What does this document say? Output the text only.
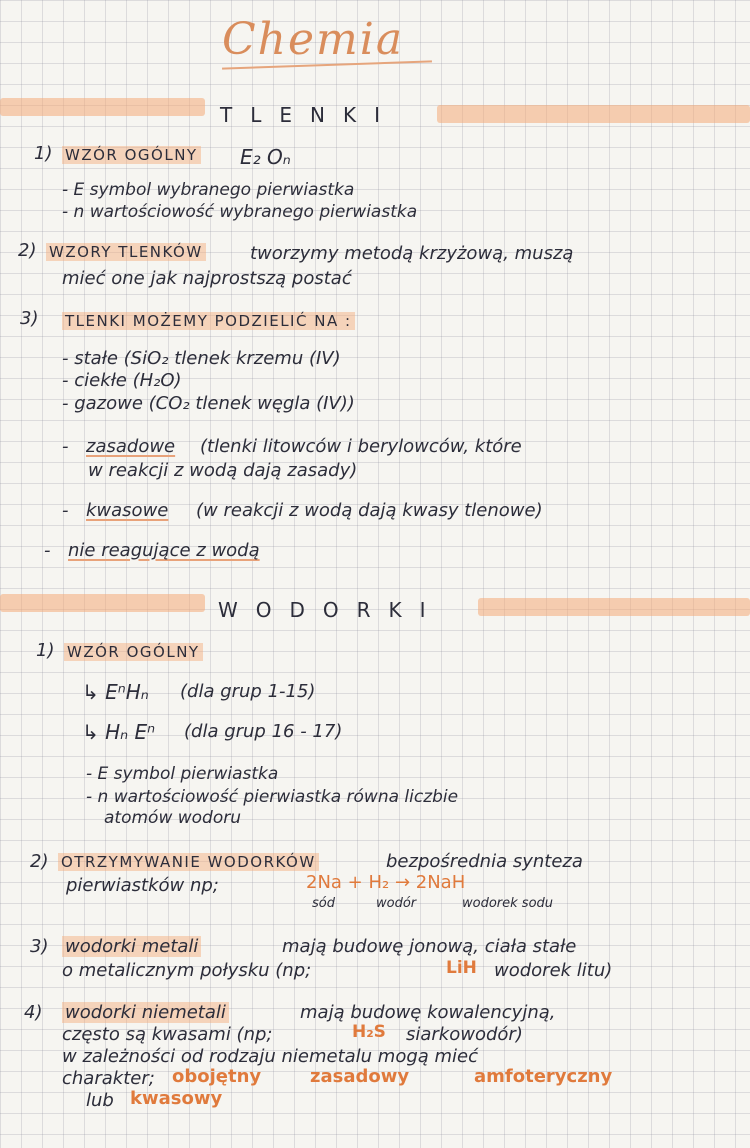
Chemia
TLENKI
1) WZÓR OGÓLNY E₂ Oₙ
- E symbol wybranego pierwiastka
- n wartościowość wybranego pierwiastka
2) WZORY TLENKÓW	tworzymy metodą krzyżową, muszą
mieć one jak najprostszą postać
3) TLENKI MOŻEMY PODZIELIĆ NA :
- stałe (SiO₂ tlenek krzemu (IV)
- ciekłe (H₂O)
- gazowe (CO₂ tlenek węgla (IV))
- zasadowe (tlenki litowców i berylowców, które
w reakcji z wodą dają zasady)
- kwasowe (w reakcji z wodą dają kwasy tlenowe)
- nie reagujące z wodą
WODORKI
1) WZÓR OGÓLNY
↳ EⁿHₙ (dla grup 1-15)
↳ Hₙ Eⁿ (dla grup 16 - 17)
- E symbol pierwiastka
- n wartościowość pierwiastka równa liczbie
atomów wodoru
2) OTRZYMYWANIE WODORKÓW	bezpośrednia synteza
pierwiastków np;	2Na + H₂ → 2NaH
sód	wodór	wodorek sodu
3) wodorki metali	mają budowę jonową, ciała stałe
o metalicznym połysku (np;	LiH wodorek litu)
4) wodorki niemetali	mają budowę kowalencyjną,
często są kwasami (np;	H₂S siarkowodór)
w zależności od rodzaju niemetalu mogą mieć
charakter; obojętny	zasadowy	amfoteryczny
lub kwasowy
